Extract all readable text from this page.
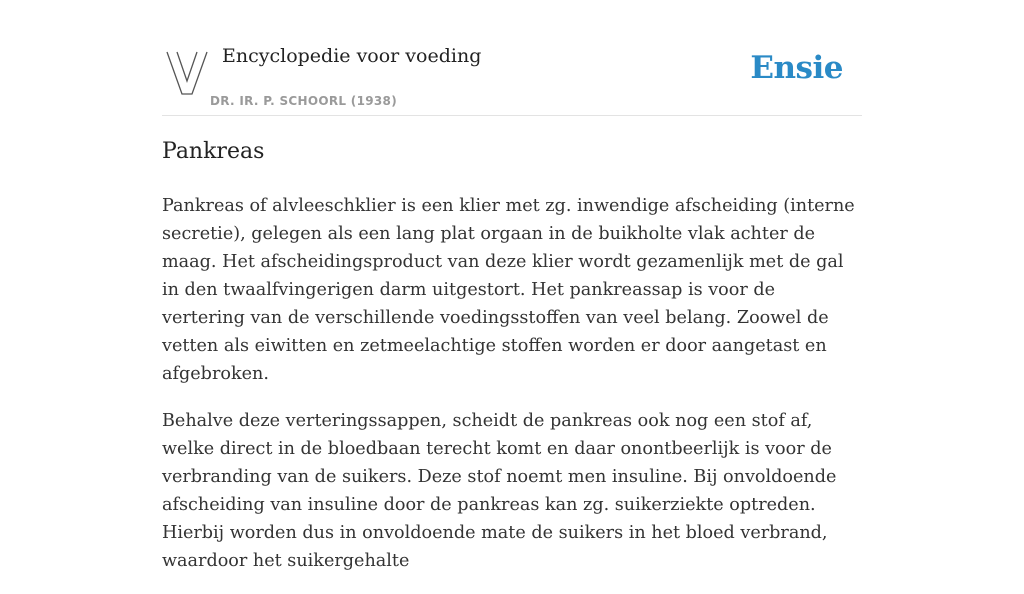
Encyclopedie voor voeding
DR. IR. P. SCHOORL (1938)
Ensie
Pankreas

Pankreas of alvleeschklier is een klier met zg. inwendige afscheiding (interne secretie), gelegen als een lang plat orgaan in de buikholte vlak achter de maag. Het afscheidingsproduct van deze klier wordt gezamenlijk met de gal in den twaalfvingerigen darm uitgestort. Het pankreassap is voor de vertering van de verschillende voedingsstoffen van veel belang. Zoowel de vetten als eiwitten en zetmeelachtige stoffen worden er door aangetast en afgebroken.

Behalve deze verteringssappen, scheidt de pankreas ook nog een stof af, welke direct in de bloedbaan terecht komt en daar onontbeerlijk is voor de verbranding van de suikers. Deze stof noemt men insuline. Bij onvoldoende afscheiding van insuline door de pankreas kan zg. suikerziekte optreden. Hierbij worden dus in onvoldoende mate de suikers in het bloed verbrand, waardoor het suikergehalte
